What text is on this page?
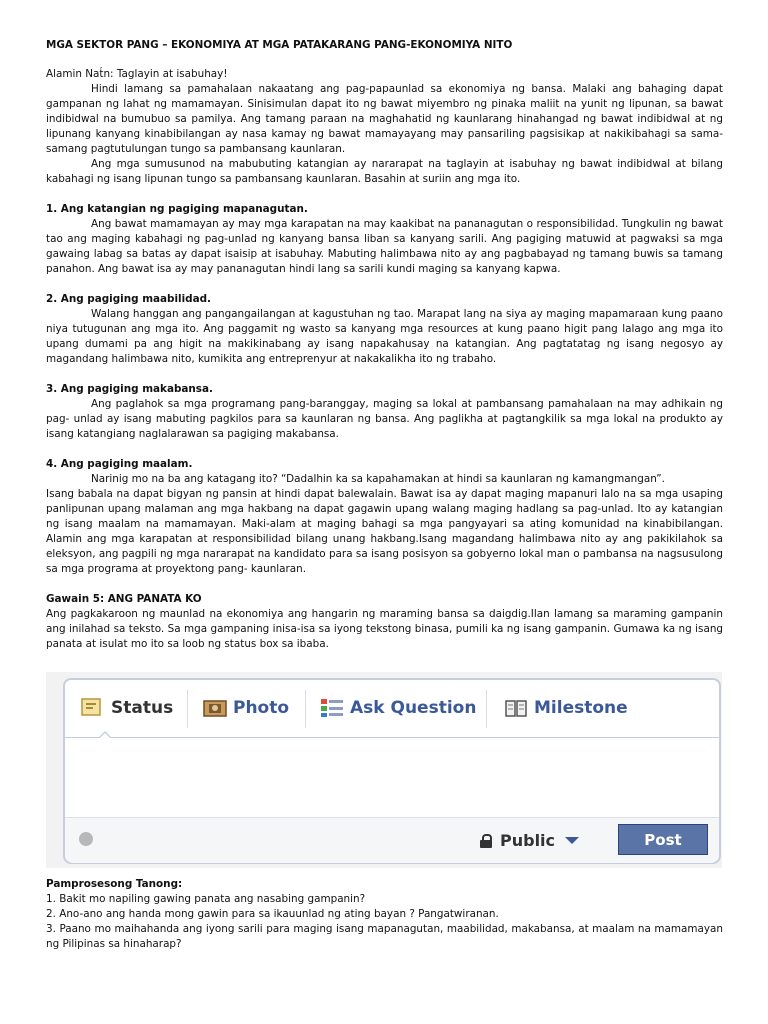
MGA SEKTOR PANG – EKONOMIYA AT MGA PATAKARANG PANG-EKONOMIYA NITO

Alamin Nat́n: Taglayin at isabuhay!

Hindi lamang sa pamahalaan nakaatang ang pag-papaunlad sa ekonomiya ng bansa. Malaki ang bahaging dapat gampanan ng lahat ng mamamayan. Sinisimulan dapat ito ng bawat miyembro ng pinaka maliit na yunit ng lipunan, sa bawat indibidwal na bumubuo sa pamilya. Ang tamang paraan na maghahatid ng kaunlarang hinahangad ng bawat indibidwal at ng lipunang kanyang kinabibilangan ay nasa kamay ng bawat mamayayang may pansariling pagsisikap at nakikibahagi sa sama-samang pagtutulungan tungo sa pambansang kaunlaran.

Ang mga sumusunod na mabubuting katangian ay nararapat na taglayin at isabuhay ng bawat indibidwal at bilang kabahagi ng isang lipunan tungo sa pambansang kaunlaran. Basahin at suriin ang mga ito.

1. Ang katangian ng pagiging mapanagutan.

Ang bawat mamamayan ay may mga karapatan na may kaakibat na pananagutan o responsibilidad. Tungkulin ng bawat tao ang maging kabahagi ng pag-unlad ng kanyang bansa liban sa kanyang sarili. Ang pagiging matuwid at pagwaksi sa mga gawaing labag sa batas ay dapat isaisip at isabuhay. Mabuting halimbawa nito ay ang pagbabayad ng tamang buwis sa tamang panahon. Ang bawat isa ay may pananagutan hindi lang sa sarili kundi maging sa kanyang kapwa.

2. Ang pagiging maabilidad.

Walang hanggan ang pangangailangan at kagustuhan ng tao. Marapat lang na siya ay maging mapamaraan kung paano niya tutugunan ang mga ito. Ang paggamit ng wasto sa kanyang mga resources at kung paano higit pang lalago ang mga ito upang dumami pa ang higit na makikinabang ay isang napakahusay na katangian. Ang pagtatatag ng isang negosyo ay magandang halimbawa nito, kumikita ang entreprenyur at nakakalikha ito ng trabaho.

3. Ang pagiging makabansa.

Ang paglahok sa mga programang pang-baranggay, maging sa lokal at pambansang pamahalaan na may adhikain ng pag- unlad ay isang mabuting pagkilos para sa kaunlaran ng bansa. Ang paglikha at pagtangkilik sa mga lokal na produkto ay isang katangiang naglalarawan sa pagiging makabansa.

4. Ang pagiging maalam.

Narinig mo na ba ang katagang ito? “Dadalhin ka sa kapahamakan at hindi sa kaunlaran ng kamangmangan”.

Isang babala na dapat bigyan ng pansin at hindi dapat balewalain. Bawat isa ay dapat maging mapanuri lalo na sa mga usaping panlipunan upang malaman ang mga hakbang na dapat gagawin upang walang maging hadlang sa pag-unlad. Ito ay katangian ng isang maalam na mamamayan. Maki-alam at maging bahagi sa mga pangyayari sa ating komunidad na kinabibilangan. Alamin ang mga karapatan at responsibilidad bilang unang hakbang.Isang magandang halimbawa nito ay ang pakikilahok sa eleksyon, ang pagpili ng mga nararapat na kandidato para sa isang posisyon sa gobyerno lokal man o pambansa na nagsusulong sa mga programa at proyektong pang- kaunlaran.

Gawain 5: ANG PANATA KO

Ang pagkakaroon ng maunlad na ekonomiya ang hangarin ng maraming bansa sa daigdig.Ilan lamang sa maraming gampanin ang inilahad sa teksto. Sa mga gampaning inisa-isa sa iyong tekstong binasa, pumili ka ng isang gampanin. Gumawa ka ng isang panata at isulat mo ito sa loob ng status box sa ibaba.

Status	Photo	Ask Question	Milestone
Public	Post

Pamprosesong Tanong:

1. Bakit mo napiling gawing panata ang nasabing gampanin?

2. Ano-ano ang handa mong gawin para sa ikauunlad ng ating bayan ? Pangatwiranan.

3. Paano mo maihahanda ang iyong sarili para maging isang mapanagutan, maabilidad, makabansa, at maalam na mamamayan ng Pilipinas sa hinaharap?
